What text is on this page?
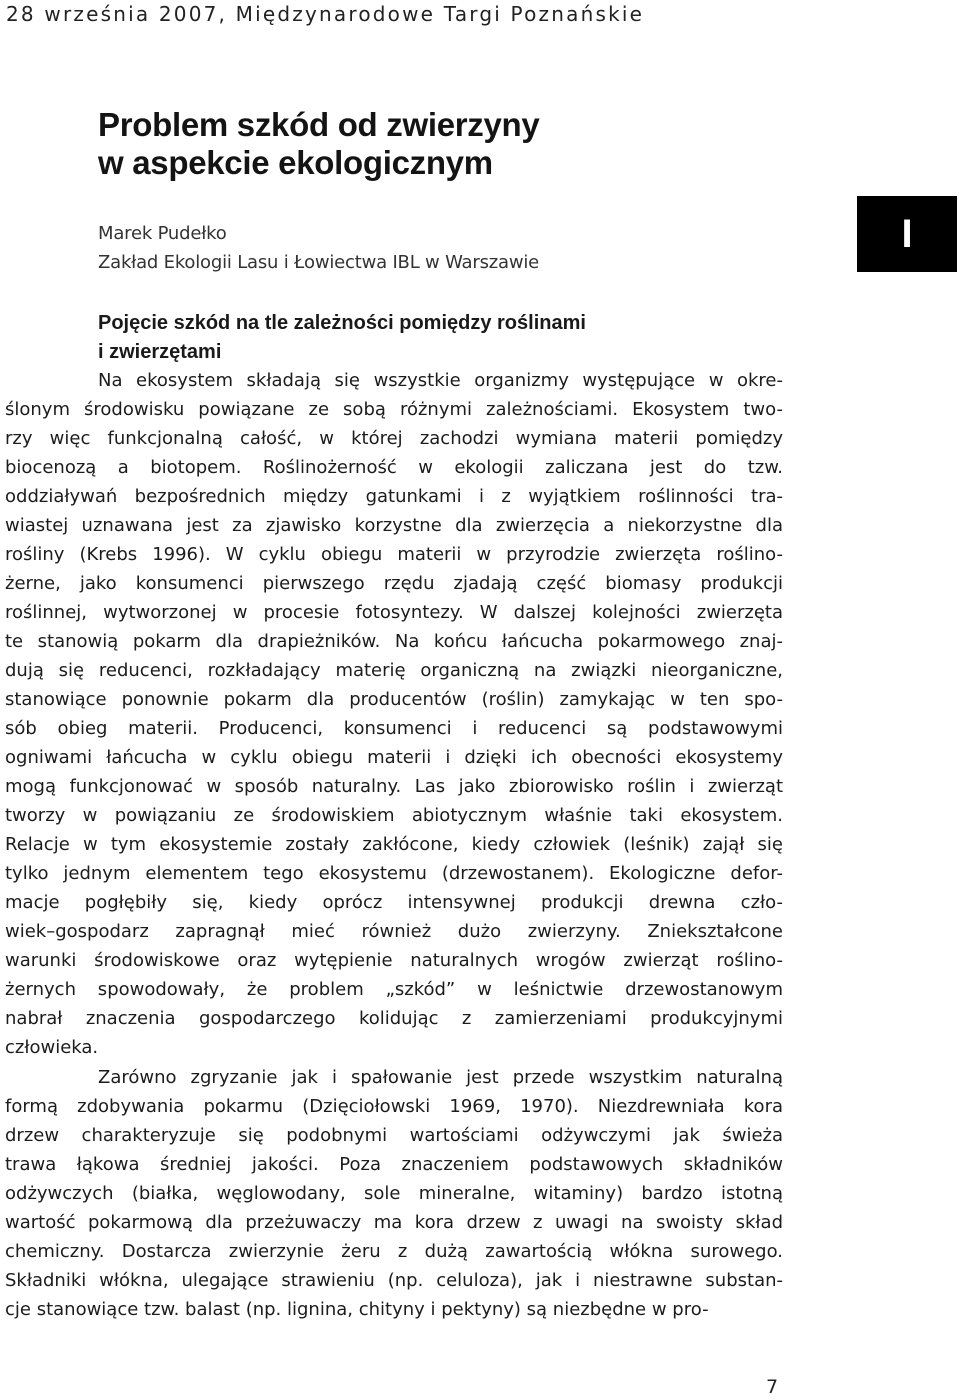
28 września 2007, Międzynarodowe Targi Poznańskie
Problem szkód od zwierzyny
w aspekcie ekologicznym
Marek Pudełko
Zakład Ekologii Lasu i Łowiectwa IBL w Warszawie
I
Pojęcie szkód na tle zależności pomiędzy roślinami
i zwierzętami
Na ekosystem składają się wszystkie organizmy występujące w okre-
ślonym środowisku powiązane ze sobą różnymi zależnościami. Ekosystem two-
rzy więc funkcjonalną całość, w której zachodzi wymiana materii pomiędzy
biocenozą a biotopem. Roślinożerność w ekologii zaliczana jest do tzw.
oddziaływań bezpośrednich między gatunkami i z wyjątkiem roślinności tra-
wiastej uznawana jest za zjawisko korzystne dla zwierzęcia a niekorzystne dla
rośliny (Krebs 1996). W cyklu obiegu materii w przyrodzie zwierzęta roślino-
żerne, jako konsumenci pierwszego rzędu zjadają część biomasy produkcji
roślinnej, wytworzonej w procesie fotosyntezy. W dalszej kolejności zwierzęta
te stanowią pokarm dla drapieżników. Na końcu łańcucha pokarmowego znaj-
dują się reducenci, rozkładający materię organiczną na związki nieorganiczne,
stanowiące ponownie pokarm dla producentów (roślin) zamykając w ten spo-
sób obieg materii. Producenci, konsumenci i reducenci są podstawowymi
ogniwami łańcucha w cyklu obiegu materii i dzięki ich obecności ekosystemy
mogą funkcjonować w sposób naturalny. Las jako zbiorowisko roślin i zwierząt
tworzy w powiązaniu ze środowiskiem abiotycznym właśnie taki ekosystem.
Relacje w tym ekosystemie zostały zakłócone, kiedy człowiek (leśnik) zajął się
tylko jednym elementem tego ekosystemu (drzewostanem). Ekologiczne defor-
macje pogłębiły się, kiedy oprócz intensywnej produkcji drewna czło-
wiek–gospodarz zapragnął mieć również dużo zwierzyny. Zniekształcone
warunki środowiskowe oraz wytępienie naturalnych wrogów zwierząt roślino-
żernych spowodowały, że problem „szkód” w leśnictwie drzewostanowym
nabrał znaczenia gospodarczego kolidując z zamierzeniami produkcyjnymi
człowieka.
Zarówno zgryzanie jak i spałowanie jest przede wszystkim naturalną
formą zdobywania pokarmu (Dzięciołowski 1969, 1970). Niezdrewniała kora
drzew charakteryzuje się podobnymi wartościami odżywczymi jak świeża
trawa łąkowa średniej jakości. Poza znaczeniem podstawowych składników
odżywczych (białka, węglowodany, sole mineralne, witaminy) bardzo istotną
wartość pokarmową dla przeżuwaczy ma kora drzew z uwagi na swoisty skład
chemiczny. Dostarcza zwierzynie żeru z dużą zawartością włókna surowego.
Składniki włókna, ulegające strawieniu (np. celuloza), jak i niestrawne substan-
cje stanowiące tzw. balast (np. lignina, chityny i pektyny) są niezbędne w pro-
7
